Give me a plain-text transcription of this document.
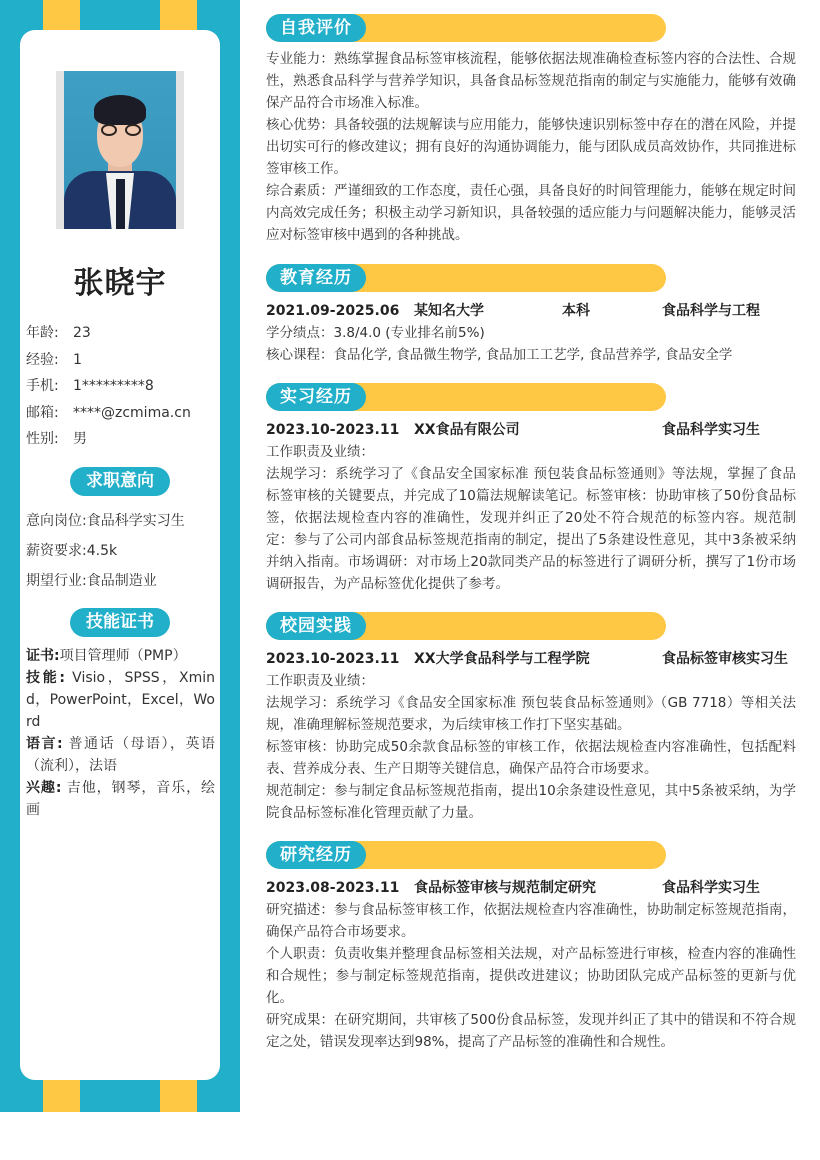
张晓宇
年龄: 23
经验: 1
手机: 1*********8
邮箱: ****@zcmima.cn
性别: 男
求职意向
意向岗位:食品科学实习生
薪资要求:4.5k
期望行业:食品制造业
技能证书
证书:项目管理师（PMP）
技能: Visio，SPSS，Xmind，PowerPoint，Excel，Word
语言: 普通话（母语），英语（流利），法语
兴趣: 吉他，钢琴，音乐，绘画
自我评价

专业能力：熟练掌握食品标签审核流程，能够依据法规准确检查标签内容的合法性、合规性，熟悉食品科学与营养学知识，具备食品标签规范指南的制定与实施能力，能够有效确保产品符合市场准入标准。

核心优势：具备较强的法规解读与应用能力，能够快速识别标签中存在的潜在风险，并提出切实可行的修改建议；拥有良好的沟通协调能力，能与团队成员高效协作，共同推进标签审核工作。

综合素质：严谨细致的工作态度，责任心强，具备良好的时间管理能力，能够在规定时间内高效完成任务；积极主动学习新知识，具备较强的适应能力与问题解决能力，能够灵活应对标签审核中遇到的各种挑战。

教育经历
2021.09-2025.06 某知名大学	本科	食品科学与工程

学分绩点：3.8/4.0 (专业排名前5%)

核心课程：食品化学, 食品微生物学, 食品加工工艺学, 食品营养学, 食品安全学

实习经历
2023.10-2023.11 XX食品有限公司	食品科学实习生

工作职责及业绩：

法规学习：系统学习了《食品安全国家标准 预包装食品标签通则》等法规，掌握了食品标签审核的关键要点，并完成了10篇法规解读笔记。标签审核：协助审核了50份食品标签，依据法规检查内容的准确性，发现并纠正了20处不符合规范的标签内容。规范制定：参与了公司内部食品标签规范指南的制定，提出了5条建设性意见，其中3条被采纳并纳入指南。市场调研：对市场上20款同类产品的标签进行了调研分析，撰写了1份市场调研报告，为产品标签优化提供了参考。

校园实践
2023.10-2023.11 XX大学食品科学与工程学院	食品标签审核实习生

工作职责及业绩：

法规学习：系统学习《食品安全国家标准 预包装食品标签通则》（GB 7718）等相关法规，准确理解标签规范要求，为后续审核工作打下坚实基础。

标签审核：协助完成50余款食品标签的审核工作，依据法规检查内容准确性，包括配料表、营养成分表、生产日期等关键信息，确保产品符合市场要求。

规范制定：参与制定食品标签规范指南，提出10余条建设性意见，其中5条被采纳，为学院食品标签标准化管理贡献了力量。

研究经历
2023.08-2023.11 食品标签审核与规范制定研究	食品科学实习生

研究描述：参与食品标签审核工作，依据法规检查内容准确性，协助制定标签规范指南，确保产品符合市场要求。

个人职责：负责收集并整理食品标签相关法规，对产品标签进行审核，检查内容的准确性和合规性；参与制定标签规范指南，提供改进建议；协助团队完成产品标签的更新与优化。

研究成果：在研究期间，共审核了500份食品标签，发现并纠正了其中的错误和不符合规定之处，错误发现率达到98%，提高了产品标签的准确性和合规性。
